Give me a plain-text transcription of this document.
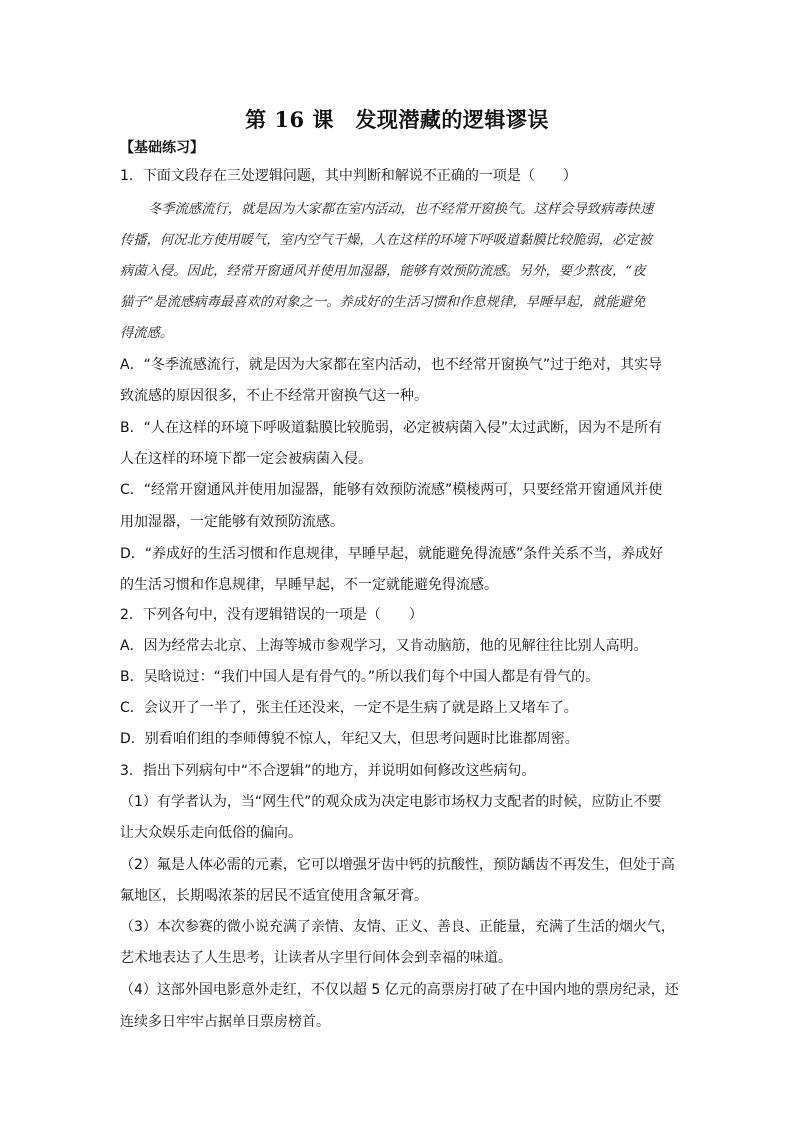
第 16 课　发现潜藏的逻辑谬误
【基础练习】
1．下面文段存在三处逻辑问题，其中判断和解说不正确的一项是（　　）
冬季流感流行，就是因为大家都在室内活动，也不经常开窗换气。这样会导致病毒快速
传播，何况北方使用暖气，室内空气干燥，人在这样的环境下呼吸道黏膜比较脆弱，必定被
病菌入侵。因此，经常开窗通风并使用加湿器，能够有效预防流感。另外，要少熬夜，“夜
猫子”是流感病毒最喜欢的对象之一。养成好的生活习惯和作息规律，早睡早起，就能避免
得流感。
A．“冬季流感流行，就是因为大家都在室内活动，也不经常开窗换气”过于绝对，其实导
致流感的原因很多，不止不经常开窗换气这一种。
B．“人在这样的环境下呼吸道黏膜比较脆弱，必定被病菌入侵”太过武断，因为不是所有
人在这样的环境下都一定会被病菌入侵。
C．“经常开窗通风并使用加湿器，能够有效预防流感”模棱两可，只要经常开窗通风并使
用加湿器，一定能够有效预防流感。
D．“养成好的生活习惯和作息规律，早睡早起，就能避免得流感”条件关系不当，养成好
的生活习惯和作息规律，早睡早起，不一定就能避免得流感。
2．下列各句中，没有逻辑错误的一项是（　　）
A．因为经常去北京、上海等城市参观学习，又肯动脑筋，他的见解往往比别人高明。
B．吴晗说过：“我们中国人是有骨气的。”所以我们每个中国人都是有骨气的。
C．会议开了一半了，张主任还没来，一定不是生病了就是路上又堵车了。
D．别看咱们组的李师傅貌不惊人，年纪又大，但思考问题时比谁都周密。
3．指出下列病句中“不合逻辑”的地方，并说明如何修改这些病句。
（1）有学者认为，当“网生代”的观众成为决定电影市场权力支配者的时候，应防止不要
让大众娱乐走向低俗的偏向。
（2）氟是人体必需的元素，它可以增强牙齿中钙的抗酸性，预防龋齿不再发生，但处于高
氟地区，长期喝浓茶的居民不适宜使用含氟牙膏。
（3）本次参赛的微小说充满了亲情、友情、正义、善良、正能量，充满了生活的烟火气，
艺术地表达了人生思考，让读者从字里行间体会到幸福的味道。
（4）这部外国电影意外走红，不仅以超 5 亿元的高票房打破了在中国内地的票房纪录，还
连续多日牢牢占据单日票房榜首。
